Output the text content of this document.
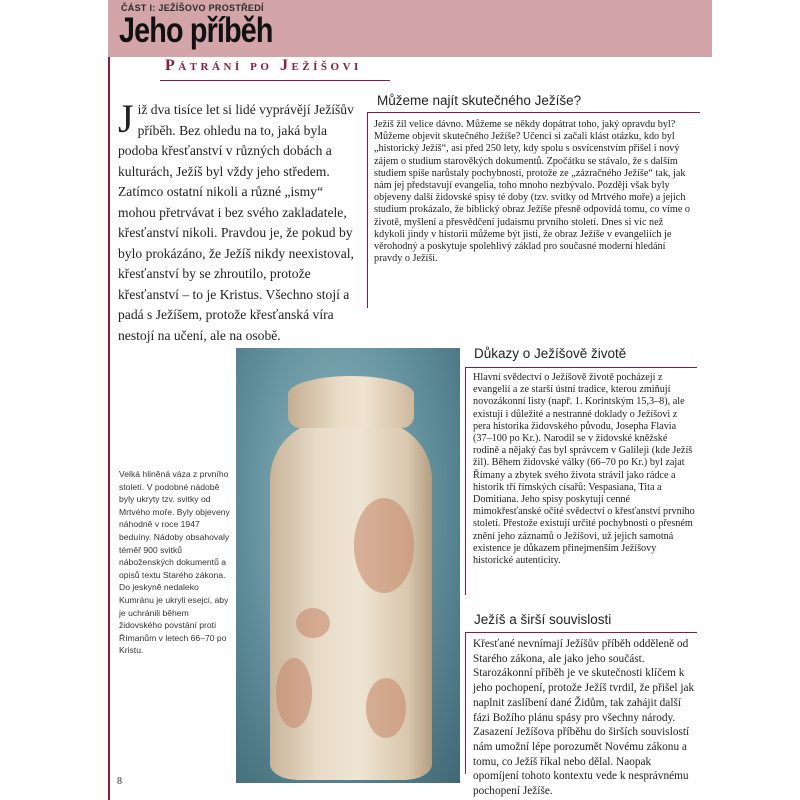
ČÁST I: JEŽÍŠOVO PROSTŘEDÍ
Jeho příběh
Pátrání po Ježíšovi
Již dva tisíce let si lidé vyprávějí Ježíšův příběh. Bez ohledu na to, jaká byla podoba křesťanství v různých dobách a kulturách, Ježíš byl vždy jeho středem. Zatímco ostatní nikoli a různé „ismy“ mohou přetrvávat i bez svého zakladatele, křesťanství nikoli. Pravdou je, že pokud by bylo prokázáno, že Ježíš nikdy neexistoval, křesťanství by se zhroutilo, protože křesťanství – to je Kristus. Všechno stojí a padá s Ježíšem, protože křesťanská víra nestojí na učení, ale na osobě.
Můžeme najít skutečného Ježíše?
Ježíš žil velice dávno. Můžeme se někdy dopátrat toho, jaký opravdu byl? Můžeme objevit skutečného Ježíše? Učenci si začali klást otázku, kdo byl „historický Ježíš“, asi před 250 lety, kdy spolu s osvícenstvím přišel i nový zájem o studium starověkých dokumentů. Zpočátku se stávalo, že s dalším studiem spíše narůstaly pochybnosti, protože ze „zázračného Ježíše“ tak, jak nám jej představují evangelia, toho mnoho nezbývalo. Později však byly objeveny další židovské spisy té doby (tzv. svitky od Mrtvého moře) a jejich studium prokázalo, že biblický obraz Ježíše přesně odpovídá tomu, co víme o životě, myšlení a přesvědčení judaismu prvního století. Dnes si víc než kdykoli jindy v historii můžeme být jisti, že obraz Ježíše v evangeliích je věrohodný a poskytuje spolehlivý základ pro současné moderní hledání pravdy o Ježíši.
Důkazy o Ježíšově životě
Hlavní svědectví o Ježíšově životě pocházejí z evangelií a ze starší ústní tradice, kterou zmiňují novozákonní listy (např. 1. Korintským 15,3–8), ale existují i důležité a nestranné doklady o Ježíšovi z pera historika židovského původu, Josepha Flavia (37–100 po Kr.). Narodil se v židovské kněžské rodině a nějaký čas byl správcem v Galileji (kde Ježíš žil). Během židovské války (66–70 po Kr.) byl zajat Římany a zbytek svého života strávil jako rádce a historik tří římských císařů: Vespasiana, Tita a Domitiana. Jeho spisy poskytují cenné mimokřesťanské očité svědectví o křesťanství prvního století. Přestože existují určité pochybnosti o přesném znění jeho záznamů o Ježíšovi, už jejich samotná existence je důkazem přinejmenším Ježíšovy historické autenticity.
Ježíš a širší souvislosti
Křesťané nevnímají Ježíšův příběh odděleně od Starého zákona, ale jako jeho součást. Starozákonní příběh je ve skutečnosti klíčem k jeho pochopení, protože Ježíš tvrdil, že přišel jak naplnit zaslíbení dané Židům, tak zahájit další fázi Božího plánu spásy pro všechny národy. Zasazení Ježíšova příběhu do širších souvislostí nám umožní lépe porozumět Novému zákonu a tomu, co Ježíš říkal nebo dělal. Naopak opomíjení tohoto kontextu vede k nesprávnému pochopení Ježíše.
Velká hliněná váza z prvního století. V podobné nádobě byly ukryty tzv. svitky od Mrtvého moře. Byly objeveny náhodně v roce 1947 beduíny. Nádoby obsahovaly téměř 900 svitků náboženských dokumentů a opisů textu Starého zákona. Do jeskyně nedaleko Kumránu je ukryli esejci, aby je uchránili během židovského povstání proti Římanům v letech 66–70 po Kristu.
8
